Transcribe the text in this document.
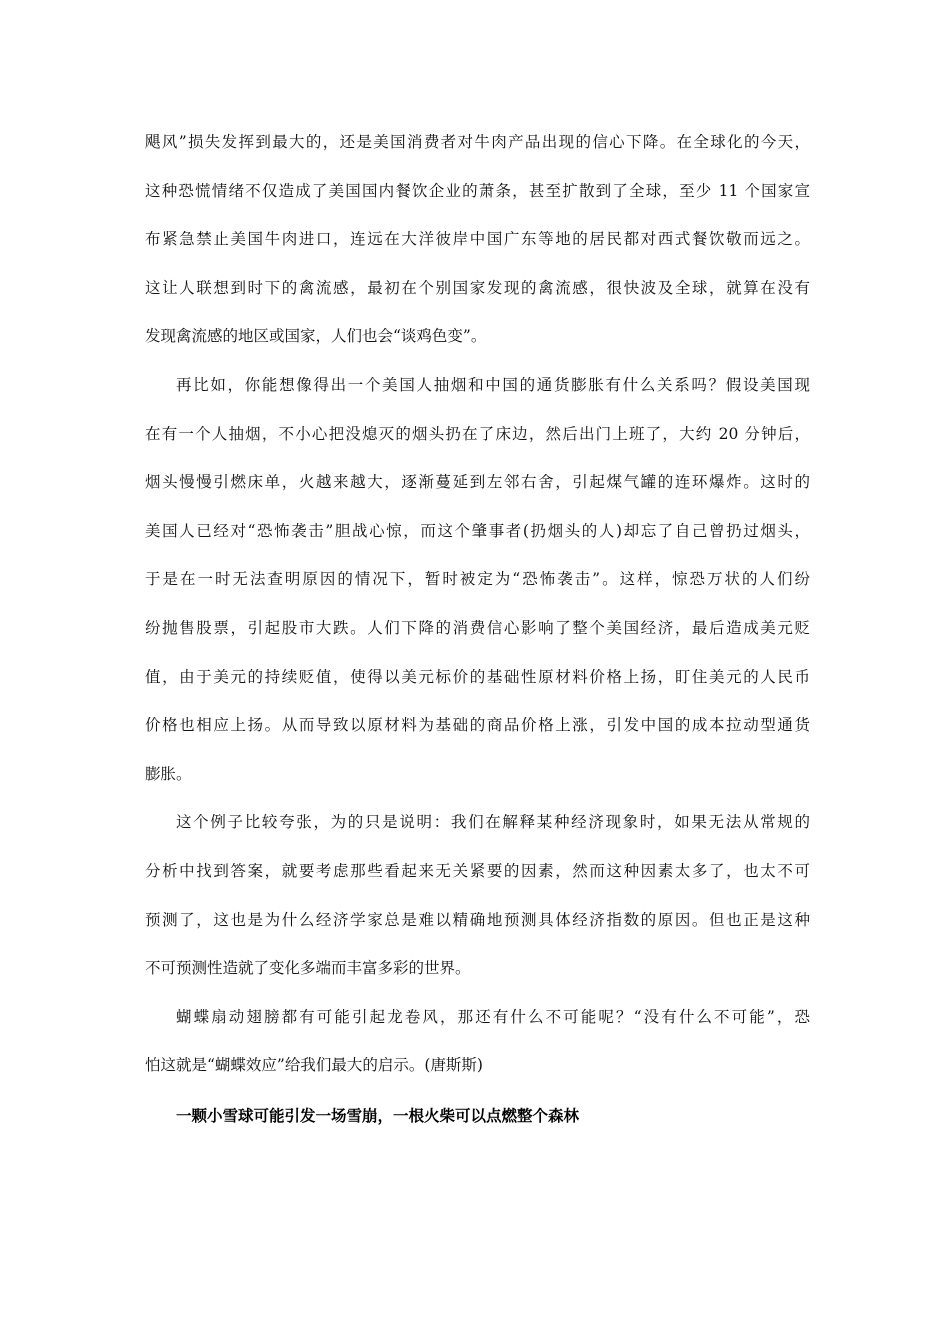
飓风”损失发挥到最大的，还是美国消费者对牛肉产品出现的信心下降。在全球化的今天，
这种恐慌情绪不仅造成了美国国内餐饮企业的萧条，甚至扩散到了全球，至少 11 个国家宣
布紧急禁止美国牛肉进口，连远在大洋彼岸中国广东等地的居民都对西式餐饮敬而远之。
这让人联想到时下的禽流感，最初在个别国家发现的禽流感，很快波及全球，就算在没有
发现禽流感的地区或国家，人们也会“谈鸡色变”。
再比如，你能想像得出一个美国人抽烟和中国的通货膨胀有什么关系吗？假设美国现
在有一个人抽烟，不小心把没熄灭的烟头扔在了床边，然后出门上班了，大约 20 分钟后，
烟头慢慢引燃床单，火越来越大，逐渐蔓延到左邻右舍，引起煤气罐的连环爆炸。这时的
美国人已经对“恐怖袭击”胆战心惊，而这个肇事者(扔烟头的人)却忘了自己曾扔过烟头，
于是在一时无法查明原因的情况下，暂时被定为“恐怖袭击”。这样，惊恐万状的人们纷
纷抛售股票，引起股市大跌。人们下降的消费信心影响了整个美国经济，最后造成美元贬
值，由于美元的持续贬值，使得以美元标价的基础性原材料价格上扬，盯住美元的人民币
价格也相应上扬。从而导致以原材料为基础的商品价格上涨，引发中国的成本拉动型通货
膨胀。
这个例子比较夸张，为的只是说明：我们在解释某种经济现象时，如果无法从常规的
分析中找到答案，就要考虑那些看起来无关紧要的因素，然而这种因素太多了，也太不可
预测了，这也是为什么经济学家总是难以精确地预测具体经济指数的原因。但也正是这种
不可预测性造就了变化多端而丰富多彩的世界。
蝴蝶扇动翅膀都有可能引起龙卷风，那还有什么不可能呢？“没有什么不可能”，恐
怕这就是“蝴蝶效应”给我们最大的启示。(唐斯斯)
一颗小雪球可能引发一场雪崩，一根火柴可以点燃整个森林
